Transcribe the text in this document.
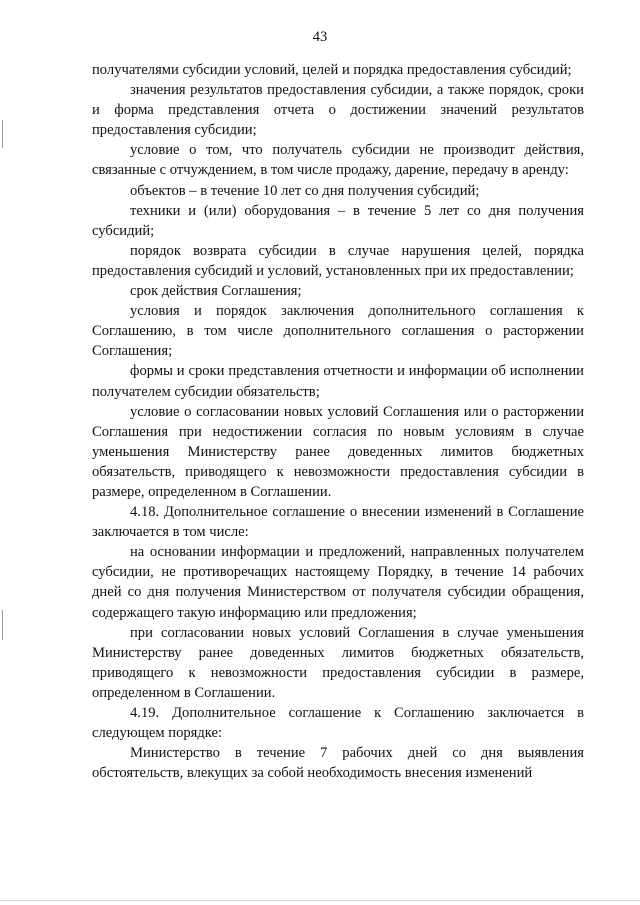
43

получателями субсидии условий, целей и порядка предоставления субсидий;

значения результатов предоставления субсидии, а также порядок, сроки и форма представления отчета о достижении значений результатов предоставления субсидии;

условие о том, что получатель субсидии не производит действия, связанные с отчуждением, в том числе продажу, дарение, передачу в аренду:

объектов – в течение 10 лет со дня получения субсидий;

техники и (или) оборудования – в течение 5 лет со дня получения субсидий;

порядок возврата субсидии в случае нарушения целей, порядка предоставления субсидий и условий, установленных при их предоставлении;

срок действия Соглашения;

условия и порядок заключения дополнительного соглашения к Соглашению, в том числе дополнительного соглашения о расторжении Соглашения;

формы и сроки представления отчетности и информации об исполнении получателем субсидии обязательств;

условие о согласовании новых условий Соглашения или о расторжении Соглашения при недостижении согласия по новым условиям в случае уменьшения Министерству ранее доведенных лимитов бюджетных обязательств, приводящего к невозможности предоставления субсидии в размере, определенном в Соглашении.

4.18. Дополнительное соглашение о внесении изменений в Соглашение заключается в том числе:

на основании информации и предложений, направленных получателем субсидии, не противоречащих настоящему Порядку, в течение 14 рабочих дней со дня получения Министерством от получателя субсидии обращения, содержащего такую информацию или предложения;

при согласовании новых условий Соглашения в случае уменьшения Министерству ранее доведенных лимитов бюджетных обязательств, приводящего к невозможности предоставления субсидии в размере, определенном в Соглашении.

4.19. Дополнительное соглашение к Соглашению заключается в следующем порядке:

Министерство в течение 7 рабочих дней со дня выявления обстоятельств, влекущих за собой необходимость внесения изменений
